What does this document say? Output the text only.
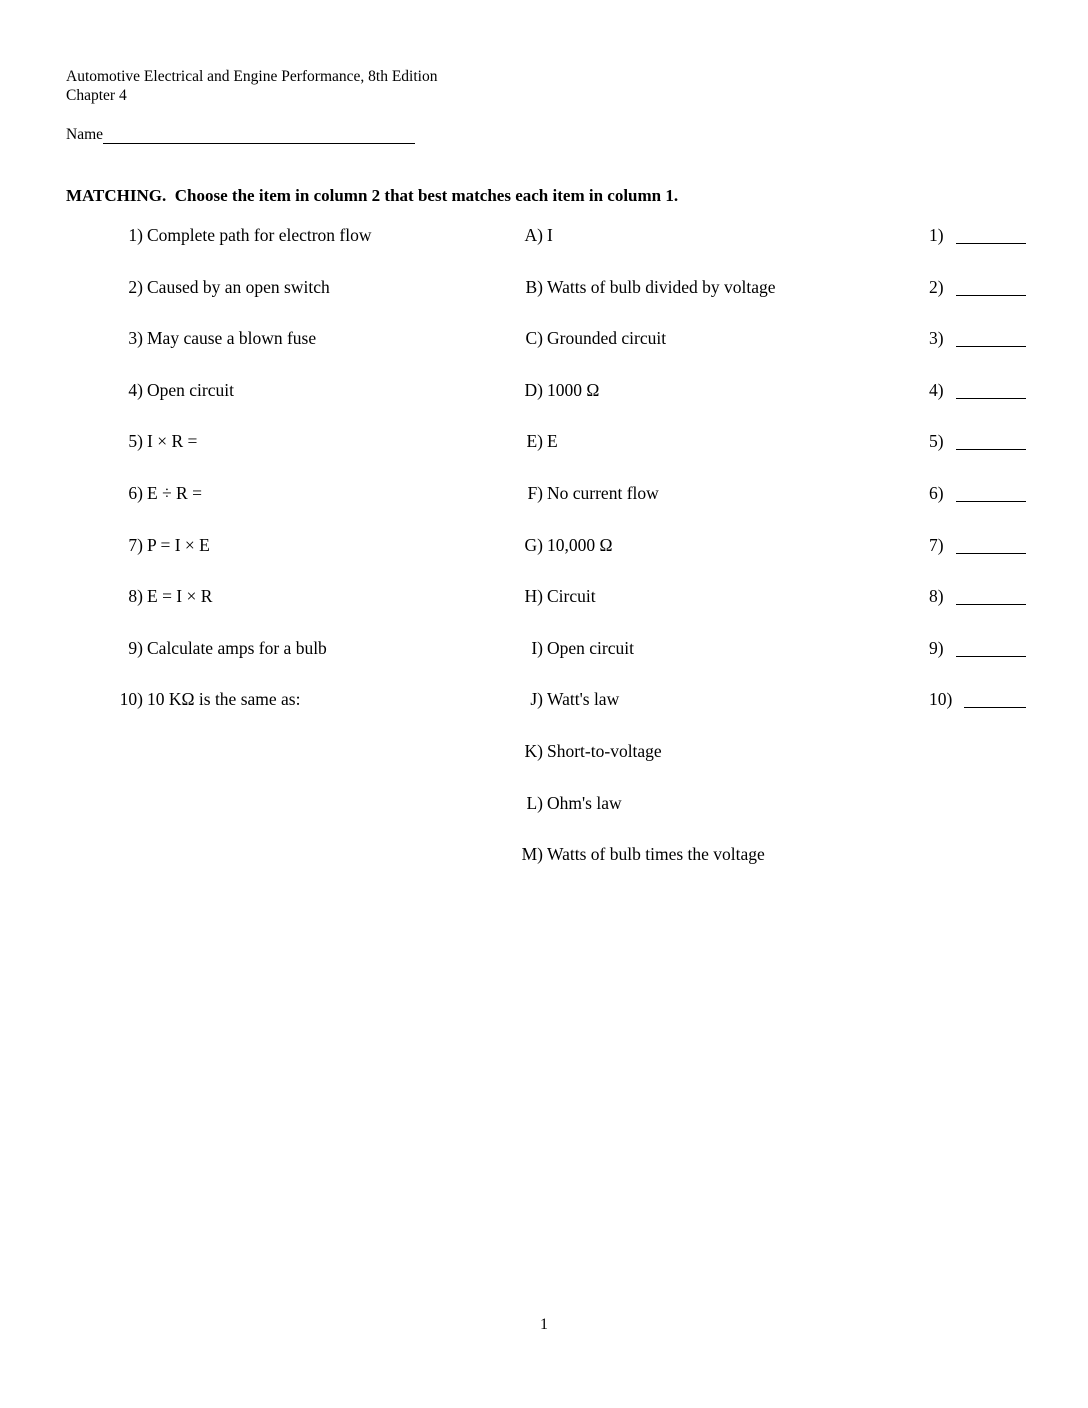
Automotive Electrical and Engine Performance, 8th Edition
Chapter 4
Name
MATCHING.  Choose the item in column 2 that best matches each item in column 1.
1) Complete path for electron flow
2) Caused by an open switch
3) May cause a blown fuse
4) Open circuit
5) I × R =
6) E ÷ R =
7) P = I × E
8) E = I × R
9) Calculate amps for a bulb
10) 10 KΩ is the same as:
A) I
B) Watts of bulb divided by voltage
C) Grounded circuit
D) 1000 Ω
E) E
F) No current flow
G) 10,000 Ω
H) Circuit
I) Open circuit
J) Watt's law
K) Short-to-voltage
L) Ohm's law
M) Watts of bulb times the voltage
1)
2)
3)
4)
5)
6)
7)
8)
9)
10)
1
